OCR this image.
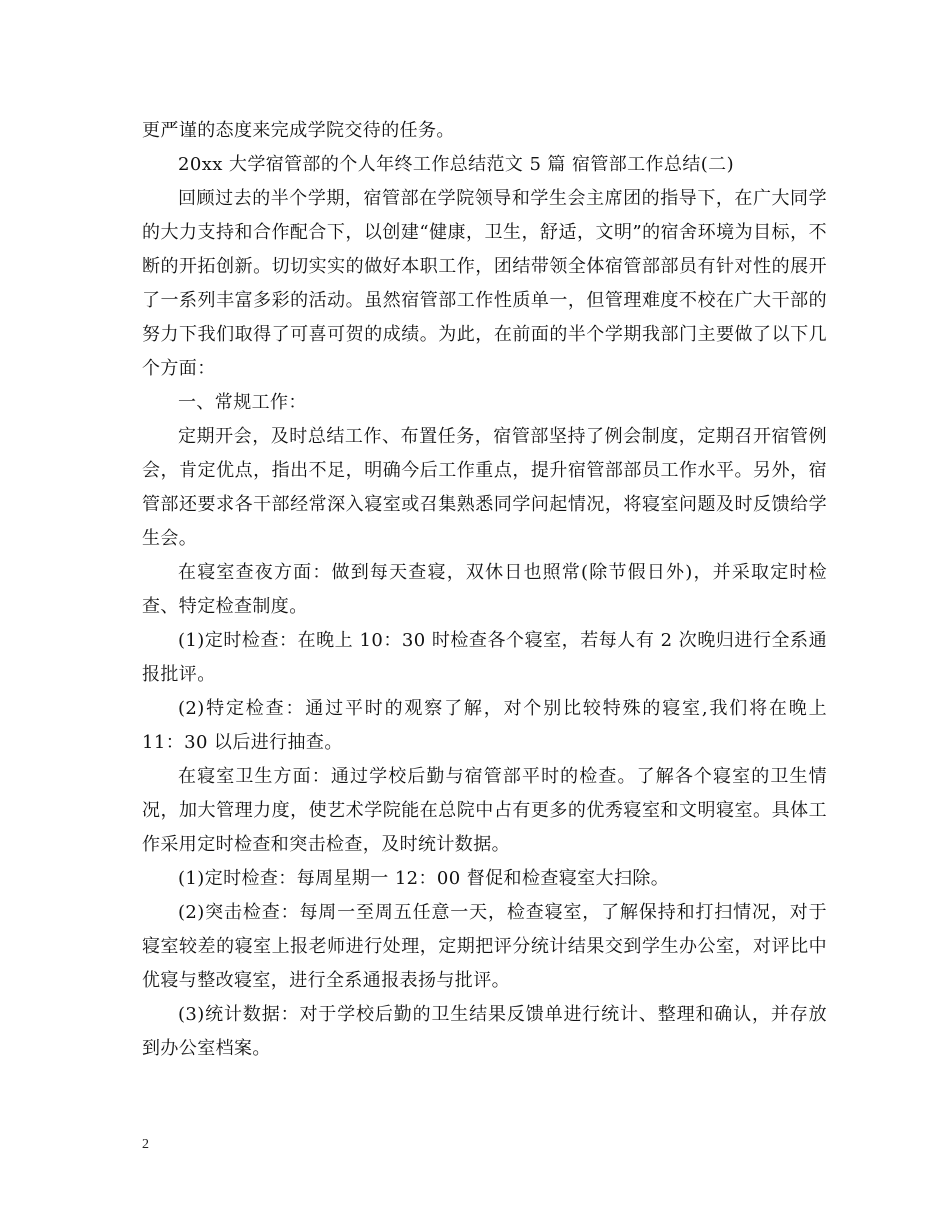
更严谨的态度来完成学院交待的任务。

20xx 大学宿管部的个人年终工作总结范文 5 篇 宿管部工作总结(二)

回顾过去的半个学期，宿管部在学院领导和学生会主席团的指导下，在广大同学的大力支持和合作配合下，以创建“健康，卫生，舒适，文明”的宿舍环境为目标，不断的开拓创新。切切实实的做好本职工作，团结带领全体宿管部部员有针对性的展开了一系列丰富多彩的活动。虽然宿管部工作性质单一，但管理难度不校在广大干部的努力下我们取得了可喜可贺的成绩。为此，在前面的半个学期我部门主要做了以下几个方面：

一、常规工作：

定期开会，及时总结工作、布置任务，宿管部坚持了例会制度，定期召开宿管例会，肯定优点，指出不足，明确今后工作重点，提升宿管部部员工作水平。另外，宿管部还要求各干部经常深入寝室或召集熟悉同学问起情况，将寝室问题及时反馈给学生会。

在寝室查夜方面：做到每天查寝，双休日也照常(除节假日外)，并采取定时检查、特定检查制度。

(1)定时检查：在晚上 10：30 时检查各个寝室，若每人有 2 次晚归进行全系通报批评。

(2)特定检查：通过平时的观察了解，对个别比较特殊的寝室,我们将在晚上 11：30 以后进行抽查。

在寝室卫生方面：通过学校后勤与宿管部平时的检查。了解各个寝室的卫生情况，加大管理力度，使艺术学院能在总院中占有更多的优秀寝室和文明寝室。具体工作采用定时检查和突击检查，及时统计数据。

(1)定时检查：每周星期一 12：00 督促和检查寝室大扫除。

(2)突击检查：每周一至周五任意一天，检查寝室，了解保持和打扫情况，对于寝室较差的寝室上报老师进行处理，定期把评分统计结果交到学生办公室，对评比中优寝与整改寝室，进行全系通报表扬与批评。

(3)统计数据：对于学校后勤的卫生结果反馈单进行统计、整理和确认，并存放到办公室档案。

2
